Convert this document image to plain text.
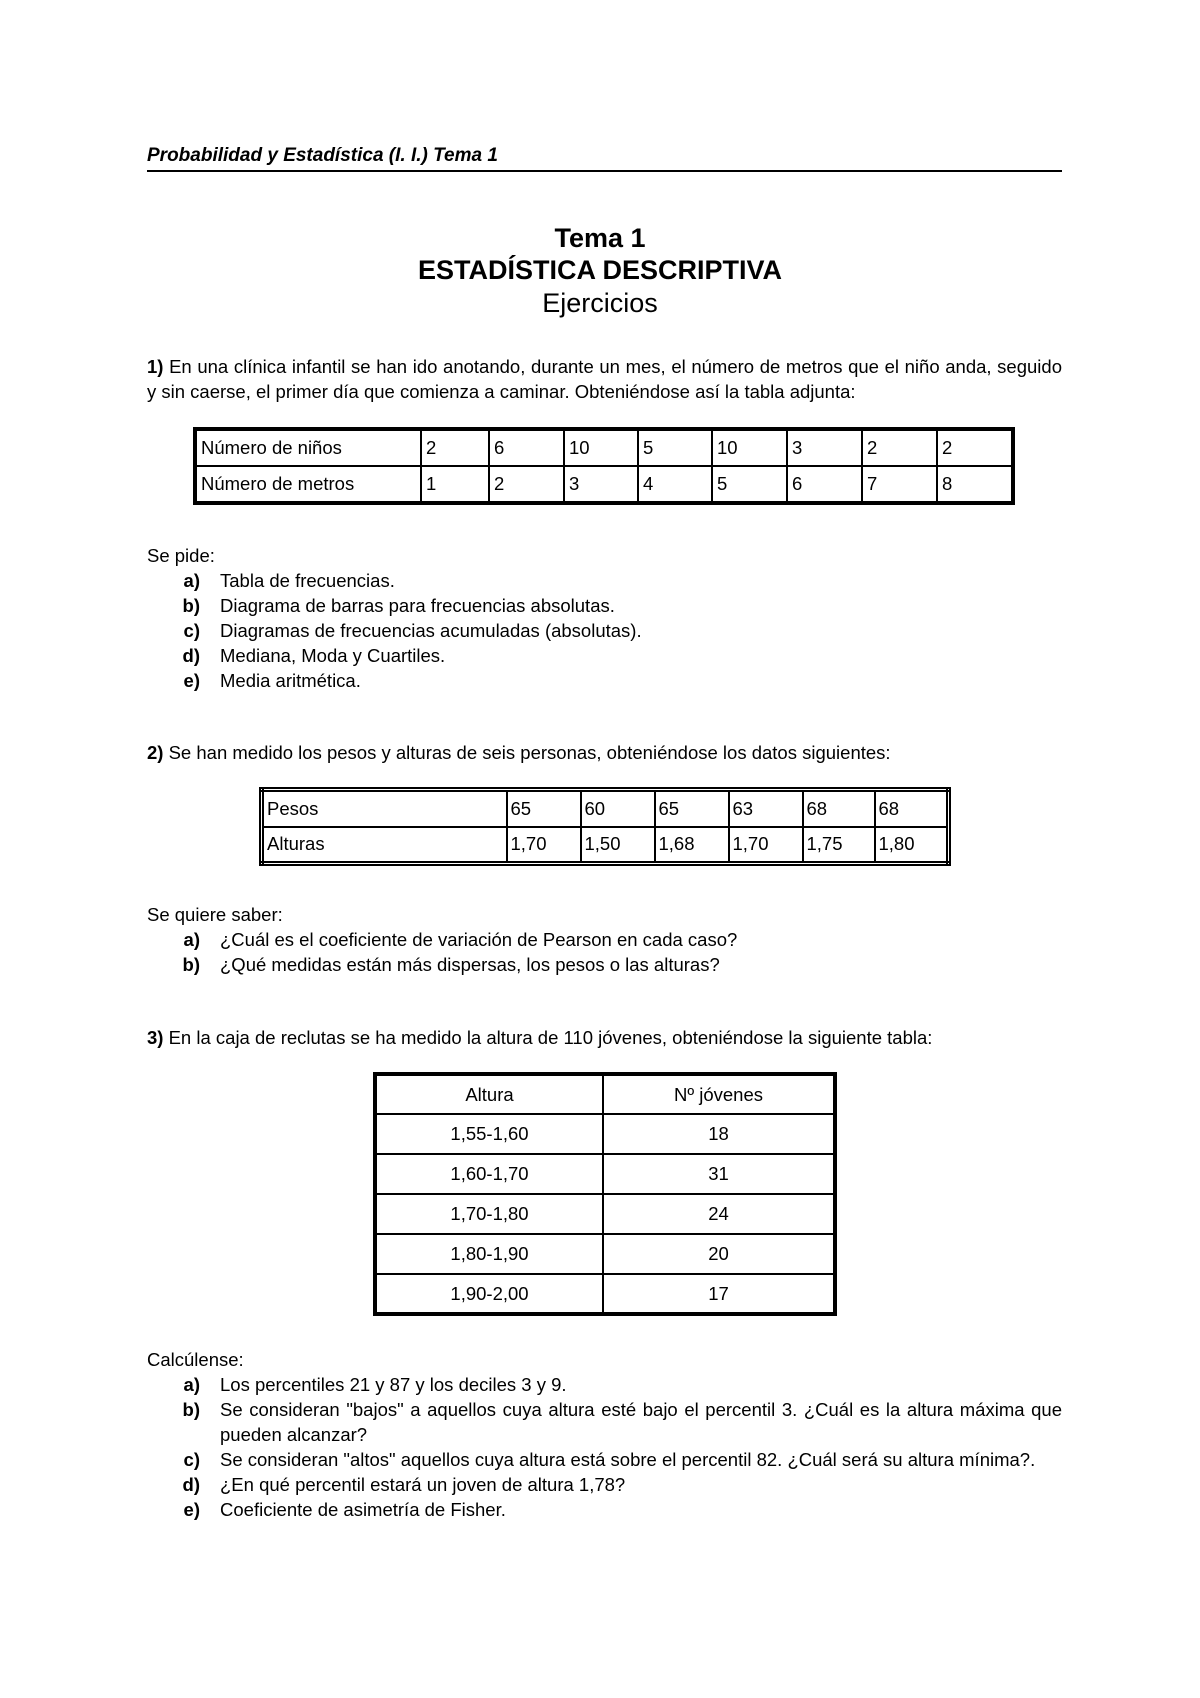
Probabilidad y Estadística (I. I.) Tema 1
Tema 1
ESTADÍSTICA DESCRIPTIVA
Ejercicios
1) En una clínica infantil se han ido anotando, durante un mes, el número de metros que el niño anda, seguido y sin caerse, el primer día que comienza a caminar. Obteniéndose así la tabla adjunta:
Número de niños	2	6	10	5	10	3	2	2
Número de metros	1	2	3	4	5	6	7	8
Se pide:
a)	Tabla de frecuencias.
b)	Diagrama de barras para frecuencias absolutas.
c)	Diagramas de frecuencias acumuladas (absolutas).
d)	Mediana, Moda y Cuartiles.
e)	Media aritmética.
2) Se han medido los pesos y alturas de seis personas, obteniéndose los datos siguientes:
Pesos	65	60	65	63	68	68
Alturas	1,70	1,50	1,68	1,70	1,75	1,80
Se quiere saber:
a)	¿Cuál es el coeficiente de variación de Pearson en cada caso?
b)	¿Qué medidas están más dispersas, los pesos o las alturas?
3) En la caja de reclutas se ha medido la altura de 110 jóvenes, obteniéndose la siguiente tabla:
Altura	Nº jóvenes
1,55-1,60	18
1,60-1,70	31
1,70-1,80	24
1,80-1,90	20
1,90-2,00	17
Calcúlense:
a)	Los percentiles 21 y 87 y los deciles 3 y 9.
b)	Se consideran "bajos" a aquellos cuya altura esté bajo el percentil 3. ¿Cuál es la altura máxima que pueden alcanzar?
c)	Se consideran "altos" aquellos cuya altura está sobre el percentil 82. ¿Cuál será su altura mínima?.
d)	¿En qué percentil estará un joven de altura 1,78?
e)	Coeficiente de asimetría de Fisher.
